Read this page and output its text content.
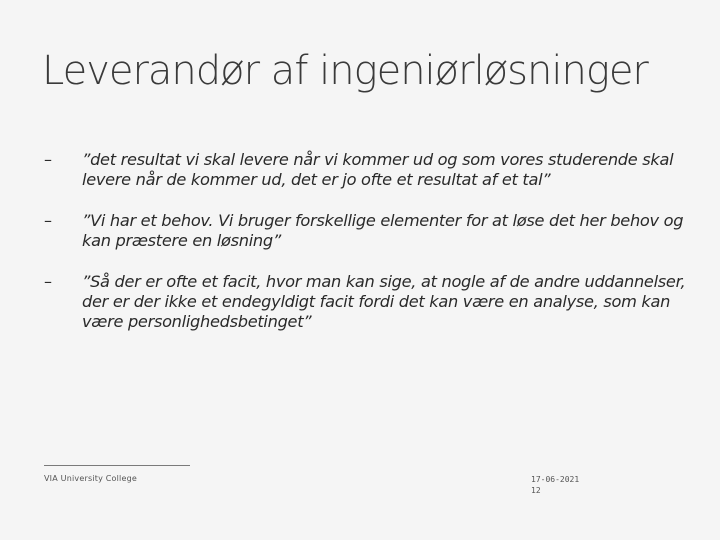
Leverandør af ingeniørløsninger
– ”det resultat vi skal levere når vi kommer ud og som vores studerende skal levere når de kommer ud, det er jo ofte et resultat af et tal”
– ”Vi har et behov. Vi bruger forskellige elementer for at løse det her behov og kan præstere en løsning”
– ”Så der er ofte et facit, hvor man kan sige, at nogle af de andre uddannelser, der er der ikke et endegyldigt facit fordi det kan være en analyse, som kan være personlighedsbetinget”
VIA University College	17-06-2021
12
